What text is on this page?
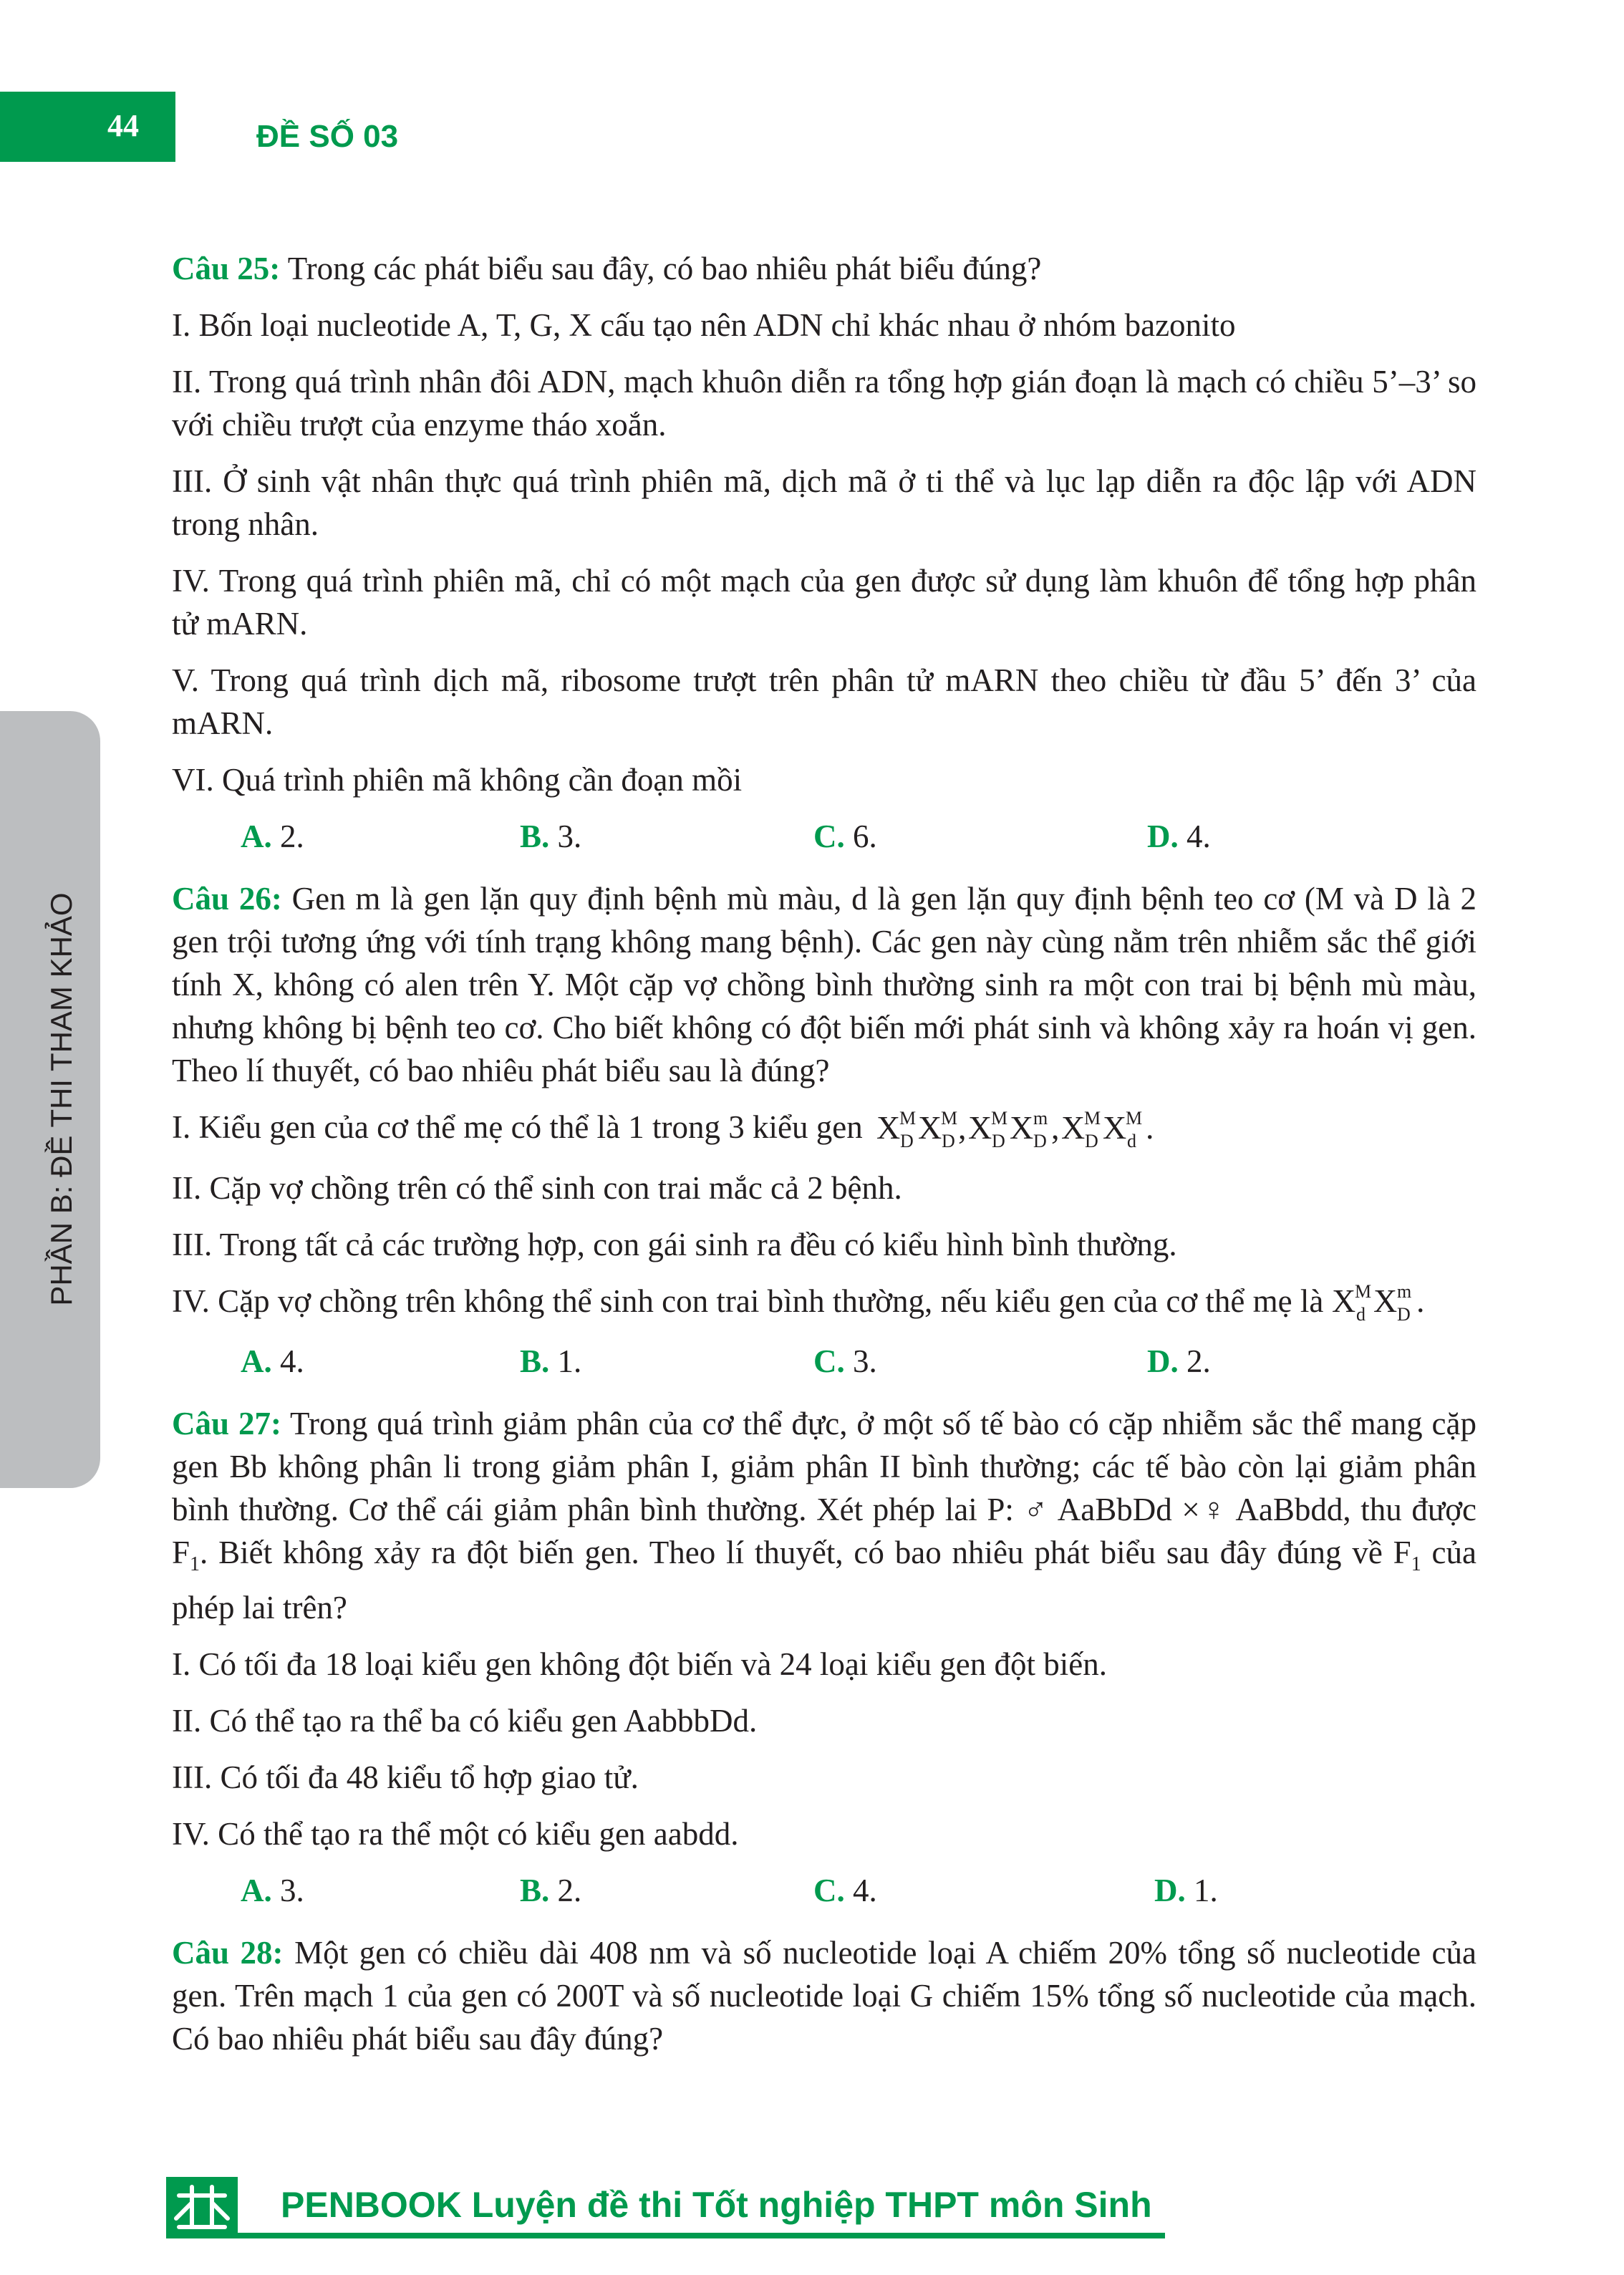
44	ĐỀ SỐ 03
PHẦN B: ĐỀ THI THAM KHẢO
Câu 25: Trong các phát biểu sau đây, có bao nhiêu phát biểu đúng?
I. Bốn loại nucleotide A, T, G, X cấu tạo nên ADN chỉ khác nhau ở nhóm bazonito
II. Trong quá trình nhân đôi ADN, mạch khuôn diễn ra tổng hợp gián đoạn là mạch có chiều 5’–3’ so với chiều trượt của enzyme tháo xoắn.
III. Ở sinh vật nhân thực quá trình phiên mã, dịch mã ở ti thể và lục lạp diễn ra độc lập với ADN trong nhân.
IV. Trong quá trình phiên mã, chỉ có một mạch của gen được sử dụng làm khuôn để tổng hợp phân tử mARN.
V. Trong quá trình dịch mã, ribosome trượt trên phân tử mARN theo chiều từ đầu 5’ đến 3’ của mARN.
VI. Quá trình phiên mã không cần đoạn mồi
A. 2.	B. 3.	C. 6.	D. 4.
Câu 26: Gen m là gen lặn quy định bệnh mù màu, d là gen lặn quy định bệnh teo cơ (M và D là 2 gen trội tương ứng với tính trạng không mang bệnh). Các gen này cùng nằm trên nhiễm sắc thể giới tính X, không có alen trên Y. Một cặp vợ chồng bình thường sinh ra một con trai bị bệnh mù màu, nhưng không bị bệnh teo cơ. Cho biết không có đột biến mới phát sinh và không xảy ra hoán vị gen. Theo lí thuyết, có bao nhiêu phát biểu sau là đúng?
I. Kiểu gen của cơ thể mẹ có thể là 1 trong 3 kiểu gen X
M
D X
M
D , X
M
D X m
D , X
M
D X
M
d .
II. Cặp vợ chồng trên có thể sinh con trai mắc cả 2 bệnh.
III. Trong tất cả các trường hợp, con gái sinh ra đều có kiểu hình bình thường.
IV. Cặp vợ chồng trên không thể sinh con trai bình thường, nếu kiểu gen của cơ thể mẹ là X
M
d X m
D .
A. 4.	B. 1.	C. 3.	D. 2.
Câu 27: Trong quá trình giảm phân của cơ thể đực, ở một số tế bào có cặp nhiễm sắc thể mang cặp gen Bb không phân li trong giảm phân I, giảm phân II bình thường; các tế bào còn lại giảm phân bình thường. Cơ thể cái giảm phân bình thường. Xét phép lai P: ♂ AaBbDd ×♀ AaBbdd, thu được $F_1$. Biết không xảy ra đột biến gen. Theo lí thuyết, có bao nhiêu phát biểu sau đây đúng về $F_1$ của phép lai trên?
I. Có tối đa 18 loại kiểu gen không đột biến và 24 loại kiểu gen đột biến.
II. Có thể tạo ra thể ba có kiểu gen AabbbDd.
III. Có tối đa 48 kiểu tổ hợp giao tử.
IV. Có thể tạo ra thể một có kiểu gen aabdd.
A. 3.	B. 2.	C. 4.	D. 1.
Câu 28: Một gen có chiều dài 408 nm và số nucleotide loại A chiếm 20% tổng số nucleotide của gen. Trên mạch 1 của gen có 200T và số nucleotide loại G chiếm 15% tổng số nucleotide của mạch. Có bao nhiêu phát biểu sau đây đúng?
PENBOOK Luyện đề thi Tốt nghiệp THPT môn Sinh
